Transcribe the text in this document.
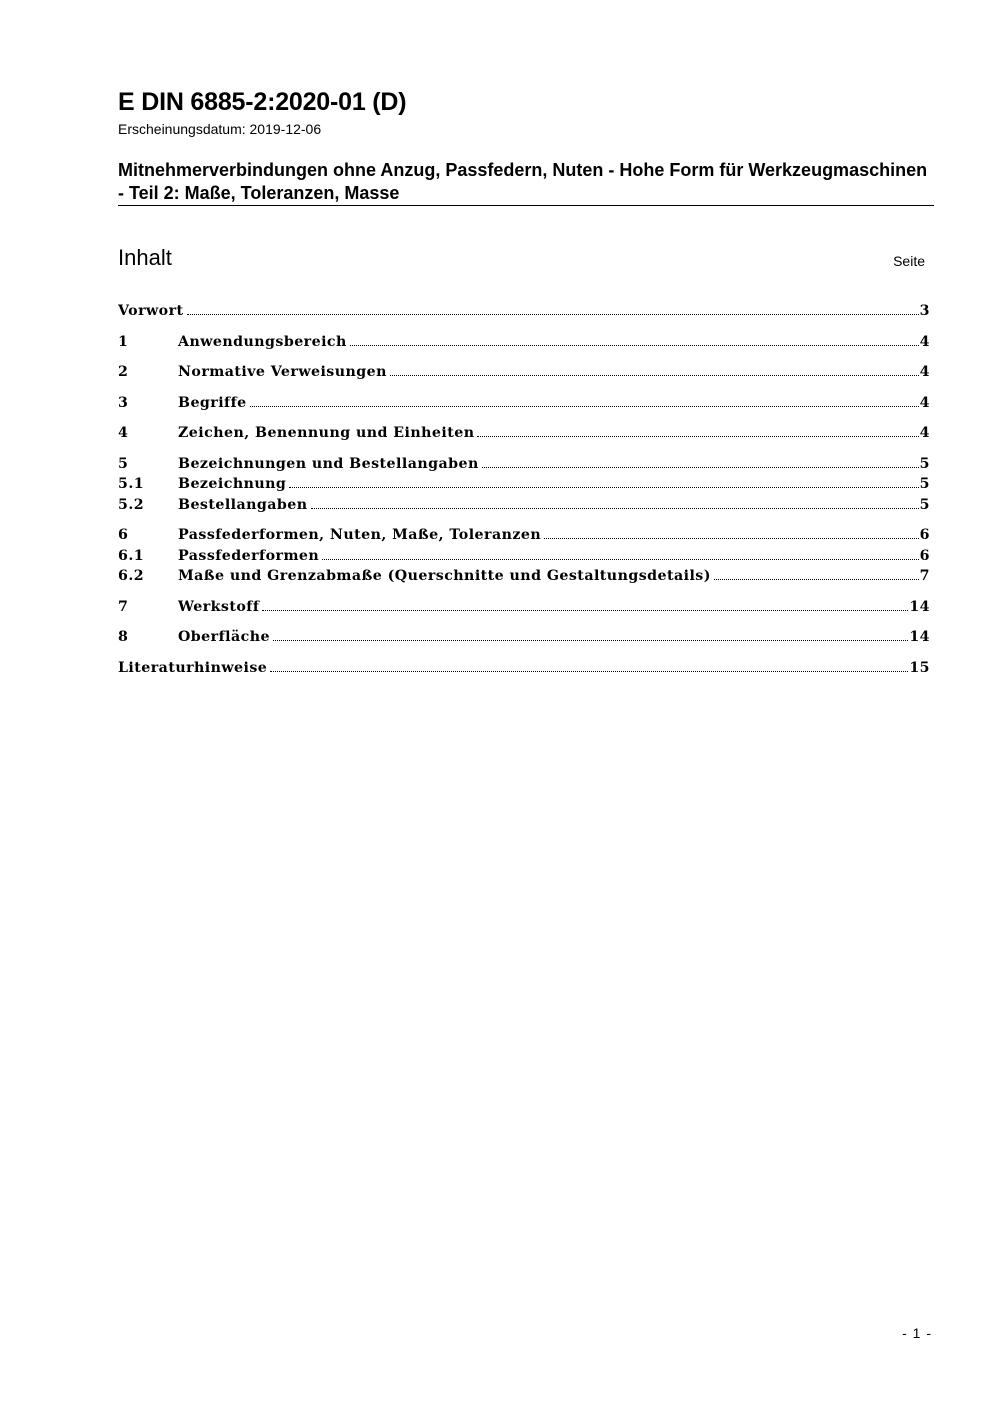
E DIN 6885-2:2020-01 (D)
Erscheinungsdatum: 2019-12-06
Mitnehmerverbindungen ohne Anzug, Passfedern, Nuten - Hohe Form für Werkzeugmaschinen - Teil 2: Maße, Toleranzen, Masse
Inhalt	Seite
Vorwort	3
1	Anwendungsbereich	4
2	Normative Verweisungen	4
3	Begriffe	4
4	Zeichen, Benennung und Einheiten	4
5	Bezeichnungen und Bestellangaben	5
5.1	Bezeichnung	5
5.2	Bestellangaben	5
6	Passfederformen, Nuten, Maße, Toleranzen	6
6.1	Passfederformen	6
6.2	Maße und Grenzabmaße (Querschnitte und Gestaltungsdetails)	7
7	Werkstoff	14
8	Oberfläche	14
Literaturhinweise	15
- 1 -
